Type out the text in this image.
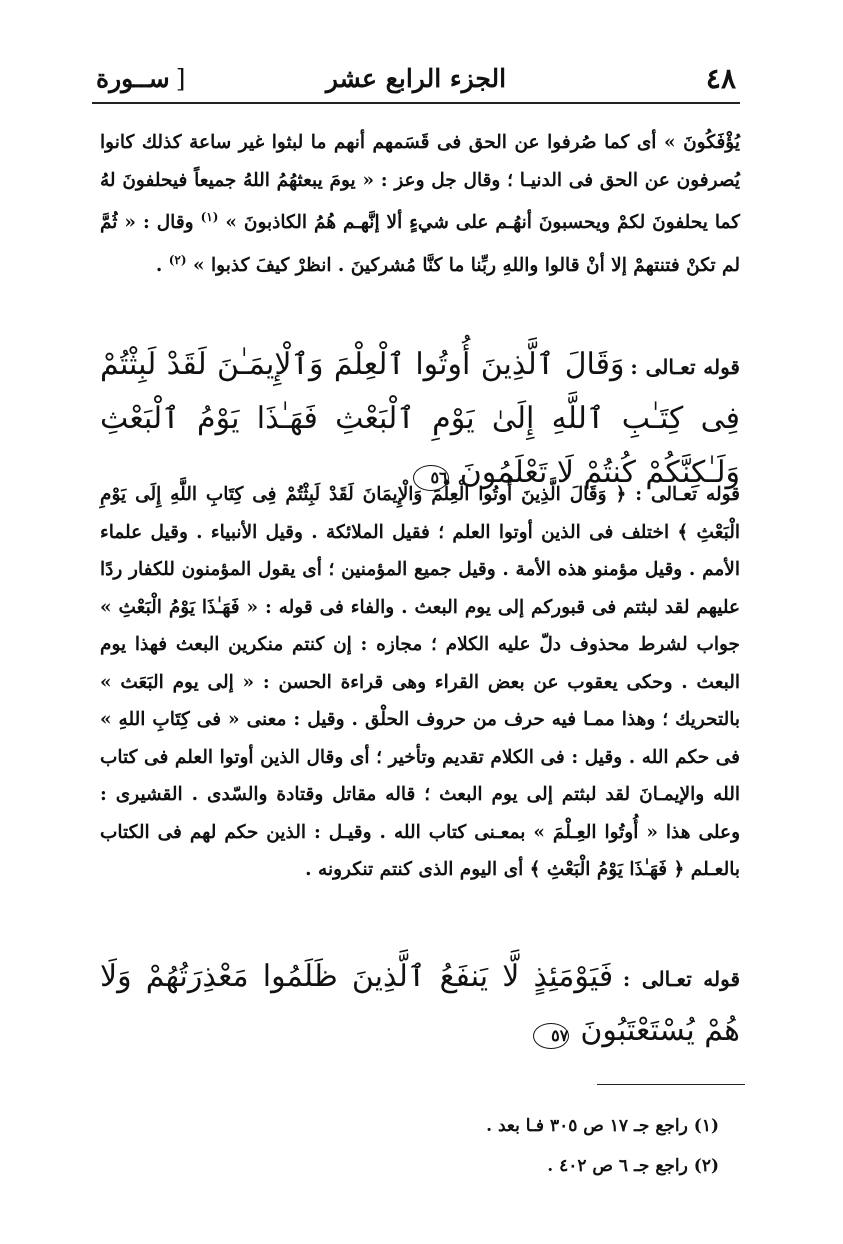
٤٨
الجزء الرابع عشر
[ســورة

يُؤْفَكُونَ » أى كما صُرفوا عن الحق فى قَسَمهم أنهم ما لبثوا غير ساعة كذلك كانوا يُصرفون عن الحق فى الدنيـا ؛ وقال جل وعز : « يومَ يبعثهُمُ اللهُ جميعاً فيحلفونَ لهُ كما يحلفونَ لكمْ ويحسبونَ أنهُـم على شيءٍ ألا إنَّهـم هُمُ الكاذبونَ » $^{(١)}$ وقال : « ثُمَّ لم تكنْ فتنتهمْ إلا أنْ قالوا واللهِ ربِّنا ما كنَّا مُشركينَ . انظرْ كيفَ كذبوا » $^{(٢)}$ .

قوله تعـالى : وَقَالَ ٱلَّذِينَ أُوتُوا ٱلْعِلْمَ وَٱلْإِيمَـٰنَ لَقَدْ لَبِثْتُمْ فِى كِتَـٰبِ ٱللَّهِ إِلَىٰ يَوْمِ ٱلْبَعْثِ فَهَـٰذَا يَوْمُ ٱلْبَعْثِ وَلَـٰكِنَّكُمْ كُنتُمْ لَا تَعْلَمُونَ ٥٦

قوله تعـالى : ﴿ وَقَالَ الَّذِينَ أُوتُوا الْعِلْمَ وَالْإِيمَانَ لَقَدْ لَبِثْتُمْ فِى كِتَابِ اللَّهِ إِلَى يَوْمِ الْبَعْثِ ﴾ اختلف فى الذين أوتوا العلم ؛ فقيل الملائكة . وقيل الأنبياء . وقيل علماء الأمم . وقيل مؤمنو هذه الأمة . وقيل جميع المؤمنين ؛ أى يقول المؤمنون للكفار ردًا عليهم لقد لبثتم فى قبوركم إلى يوم البعث . والفاء فى قوله : « فَهَـٰذَا يَوْمُ الْبَعْثِ » جواب لشرط محذوف دلّ عليه الكلام ؛ مجازه : إن كنتم منكرين البعث فهذا يوم البعث . وحكى يعقوب عن بعض القراء وهى قراءة الحسن : « إلى يوم البَعَث » بالتحريك ؛ وهذا ممـا فيه حرف من حروف الحلْق . وقيل : معنى « فى كِتَابِ اللهِ » فى حكم الله . وقيل : فى الكلام تقديم وتأخير ؛ أى وقال الذين أوتوا العلم فى كتاب الله والإيمـانَ لقد لبثتم إلى يوم البعث ؛ قاله مقاتل وقتادة والسّدى . القشيرى : وعلى هذا « أُوتُوا العِـلْمَ » بمعـنى كتاب الله . وقيـل : الذين حكم لهم فى الكتاب بالعـلم ﴿ فَهَـٰذَا يَوْمُ الْبَعْثِ ﴾ أى اليوم الذى كنتم تنكرونه .

قوله تعـالى : فَيَوْمَئِذٍ لَّا يَنفَعُ ٱلَّذِينَ ظَلَمُوا مَعْذِرَتُهُمْ وَلَا هُمْ يُسْتَعْتَبُونَ ٥٧

(١) راجع جـ ١٧ ص ٣٠٥ فـا بعد .

(٢) راجع جـ ٦ ص ٤٠٢ .
